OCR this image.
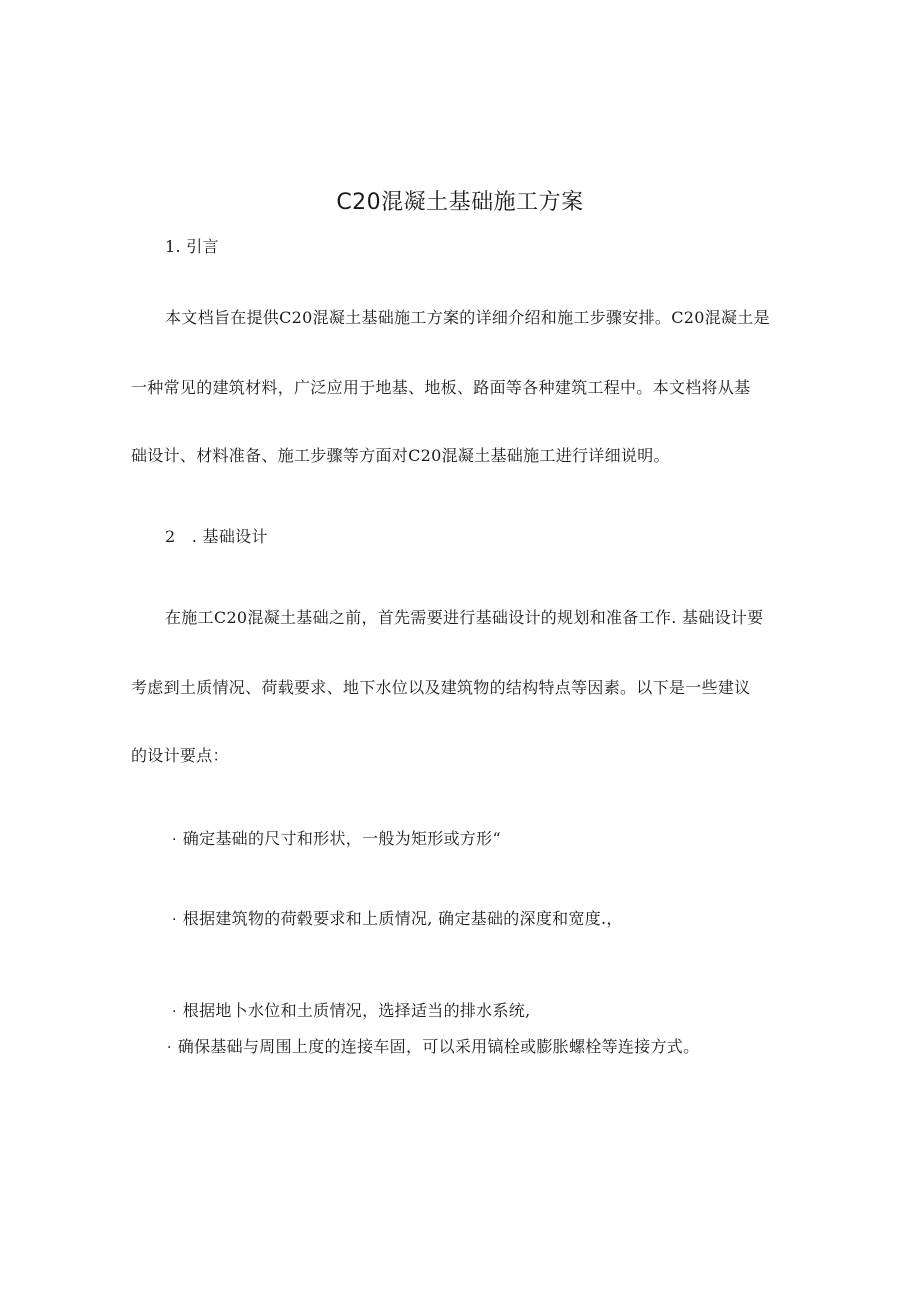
C20混凝土基础施工方案
1. 引言
本文档旨在提供C20混凝土基础施工方案的详细介绍和施工步骤安排。C20混凝土是
一种常见的建筑材料，广泛应用于地基、地板、路面等各种建筑工程中。本文档将从基
础设计、材料准备、施工步骤等方面对C20混凝土基础施工进行详细说明。
2　. 基础设计
在施工C20混凝土基础之前，首先需要进行基础设计的规划和准备工作. 基础设计要
考虑到土质情况、荷载要求、地下水位以及建筑物的结构特点等因素。以下是一些建议
的设计要点：
· 确定基础的尺寸和形状，一般为矩形或方形“
· 根据建筑物的荷毂要求和上质情况, 确定基础的深度和宽度.，
· 根据地卜水位和土质情况，选择适当的排水系统,
· 确保基础与周围上度的连接车固，可以采用镐栓或膨胀螺栓等连接方式。
